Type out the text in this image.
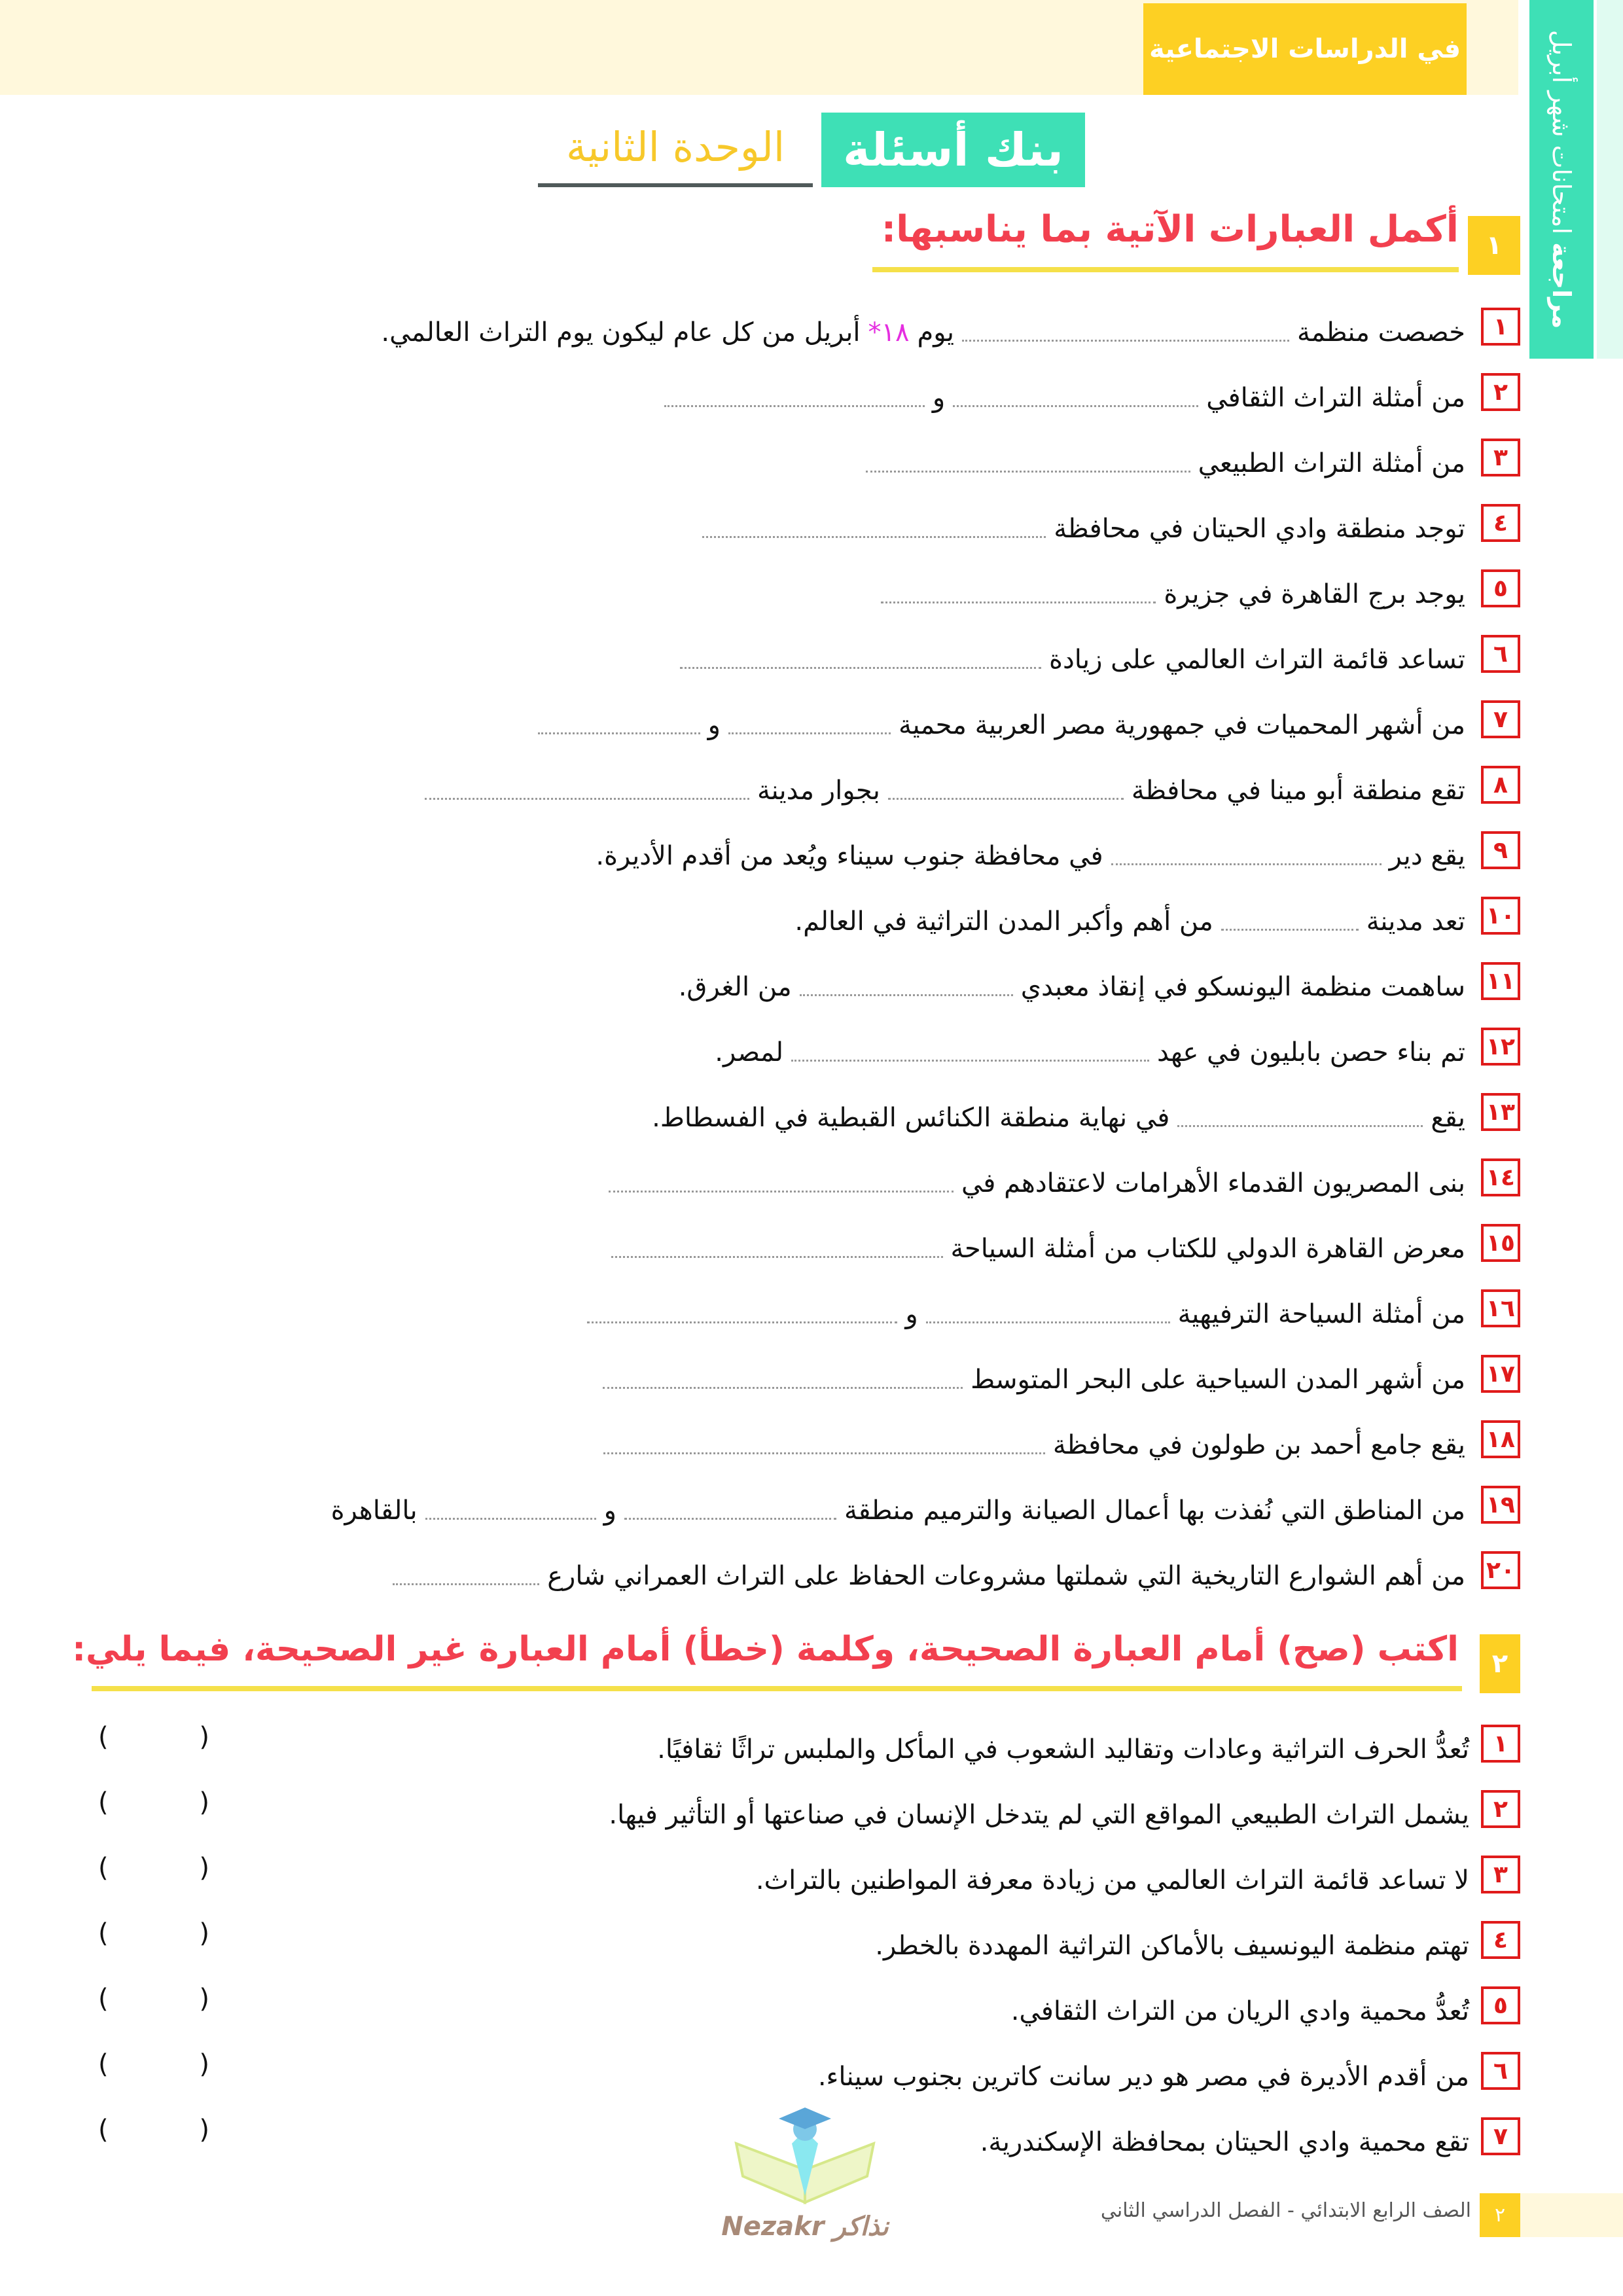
في الدراسات الاجتماعية
مراجعة امتحانات شهر أبريل
بنك أسئلة
الوحدة الثانية
١
أكمل العبارات الآتية بما يناسبها:
١
خصصت منظمة
يوم
*١٨
أبريل من كل عام ليكون يوم التراث العالمي.
٢
من أمثلة التراث الثقافي
و
٣
من أمثلة التراث الطبيعي
٤
توجد منطقة وادي الحيتان في محافظة
٥
يوجد برج القاهرة في جزيرة
٦
تساعد قائمة التراث العالمي على زيادة
٧
من أشهر المحميات في جمهورية مصر العربية محمية
و
٨
تقع منطقة أبو مينا في محافظة
بجوار مدينة
٩
يقع دير
في محافظة جنوب سيناء ويُعد من أقدم الأديرة.
١٠
تعد مدينة
من أهم وأكبر المدن التراثية في العالم.
١١
ساهمت منظمة اليونسكو في إنقاذ معبدي
من الغرق.
١٢
تم بناء حصن بابليون في عهد
لمصر.
١٣
يقع
في نهاية منطقة الكنائس القبطية في الفسطاط.
١٤
بنى المصريون القدماء الأهرامات لاعتقادهم في
١٥
معرض القاهرة الدولي للكتاب من أمثلة السياحة
١٦
من أمثلة السياحة الترفيهية
و
١٧
من أشهر المدن السياحية على البحر المتوسط
١٨
يقع جامع أحمد بن طولون في محافظة
١٩
من المناطق التي نُفذت بها أعمال الصيانة والترميم منطقة
و
بالقاهرة
٢٠
من أهم الشوارع التاريخية التي شملتها مشروعات الحفاظ على التراث العمراني شارع
٢
اكتب (صح) أمام العبارة الصحيحة، وكلمة (خطأ) أمام العبارة غير الصحيحة، فيما يلي:
١
تُعدُّ الحرف التراثية وعادات وتقاليد الشعوب في المأكل والملبس تراثًا ثقافيًا.
(	)
٢
يشمل التراث الطبيعي المواقع التي لم يتدخل الإنسان في صناعتها أو التأثير فيها.
(	)
٣
لا تساعد قائمة التراث العالمي من زيادة معرفة المواطنين بالتراث.
(	)
٤
تهتم منظمة اليونسيف بالأماكن التراثية المهددة بالخطر.
(	)
٥
تُعدُّ محمية وادي الريان من التراث الثقافي.
(	)
٦
من أقدم الأديرة في مصر هو دير سانت كاترين بجنوب سيناء.
(	)
٧
تقع محمية وادي الحيتان بمحافظة الإسكندرية.
(	)
Nezakr نذاكر	٢
الصف الرابع الابتدائي - الفصل الدراسي الثاني
